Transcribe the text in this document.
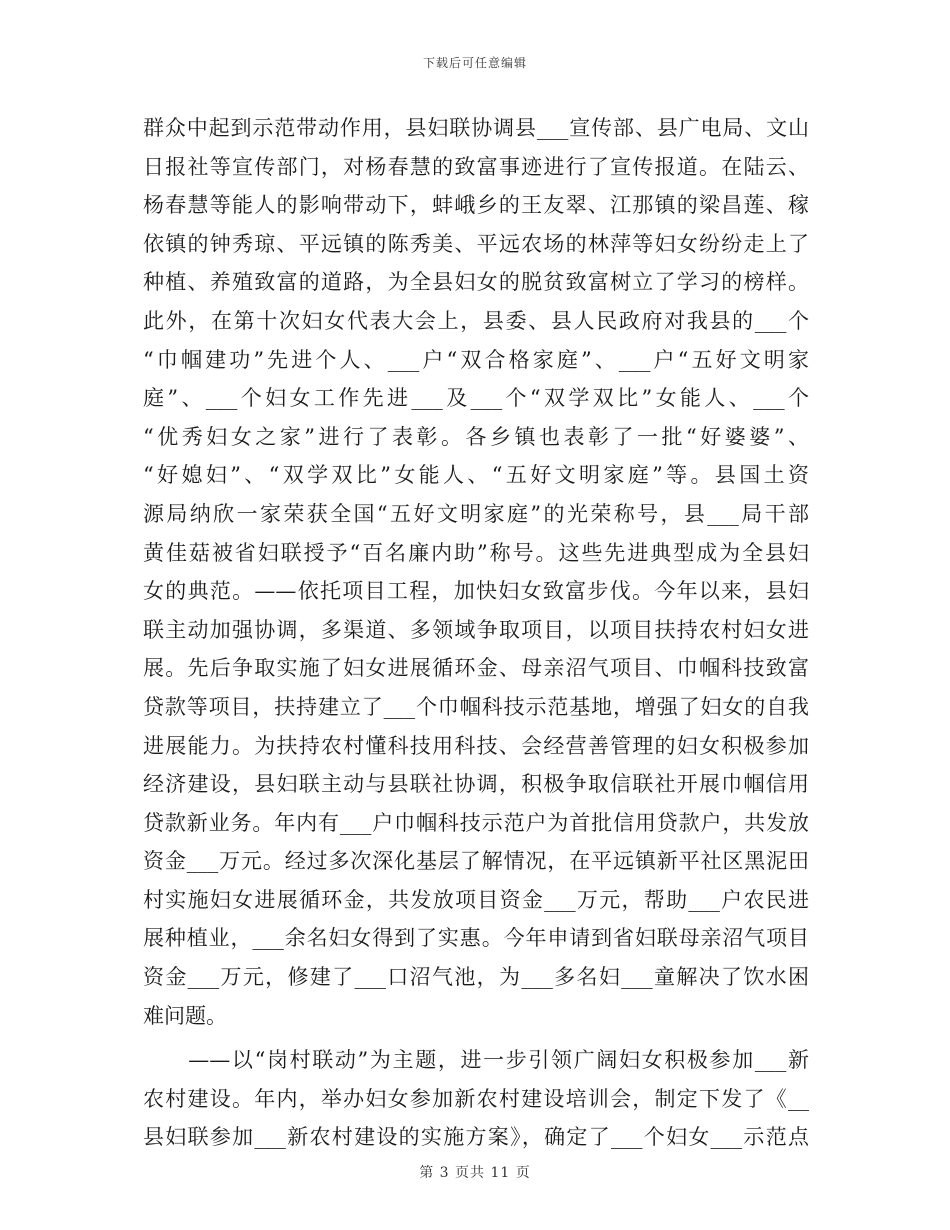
下载后可任意编辑
群众中起到示范带动作用，县妇联协调县___宣传部、县广电局、文山
日报社等宣传部门，对杨春慧的致富事迹进行了宣传报道。在陆云、
杨春慧等能人的影响带动下，蚌峨乡的王友翠、江那镇的梁昌莲、稼
依镇的钟秀琼、平远镇的陈秀美、平远农场的林萍等妇女纷纷走上了
种植、养殖致富的道路，为全县妇女的脱贫致富树立了学习的榜样。
此外，在第十次妇女代表大会上，县委、县人民政府对我县的___个
“巾帼建功”先进个人、___户“双合格家庭”、___户“五好文明家
庭”、___个妇女工作先进___及___个“双学双比”女能人、___个
“优秀妇女之家”进行了表彰。各乡镇也表彰了一批“好婆婆”、
“好媳妇”、“双学双比”女能人、“五好文明家庭”等。县国土资
源局纳欣一家荣获全国“五好文明家庭”的光荣称号，县___局干部
黄佳菇被省妇联授予“百名廉内助”称号。这些先进典型成为全县妇
女的典范。——依托项目工程，加快妇女致富步伐。今年以来，县妇
联主动加强协调，多渠道、多领域争取项目，以项目扶持农村妇女进
展。先后争取实施了妇女进展循环金、母亲沼气项目、巾帼科技致富
贷款等项目，扶持建立了___个巾帼科技示范基地，增强了妇女的自我
进展能力。为扶持农村懂科技用科技、会经营善管理的妇女积极参加
经济建设，县妇联主动与县联社协调，积极争取信联社开展巾帼信用
贷款新业务。年内有___户巾帼科技示范户为首批信用贷款户，共发放
资金___万元。经过多次深化基层了解情况，在平远镇新平社区黑泥田
村实施妇女进展循环金，共发放项目资金___万元，帮助___户农民进
展种植业，___余名妇女得到了实惠。今年申请到省妇联母亲沼气项目
资金___万元，修建了___口沼气池，为___多名妇___童解决了饮水困
难问题。
　　——以“岗村联动”为主题，进一步引领广阔妇女积极参加___新
农村建设。年内，举办妇女参加新农村建设培训会，制定下发了《__
县妇联参加___新农村建设的实施方案》，确定了___个妇女___示范点
第 3 页共 11 页
